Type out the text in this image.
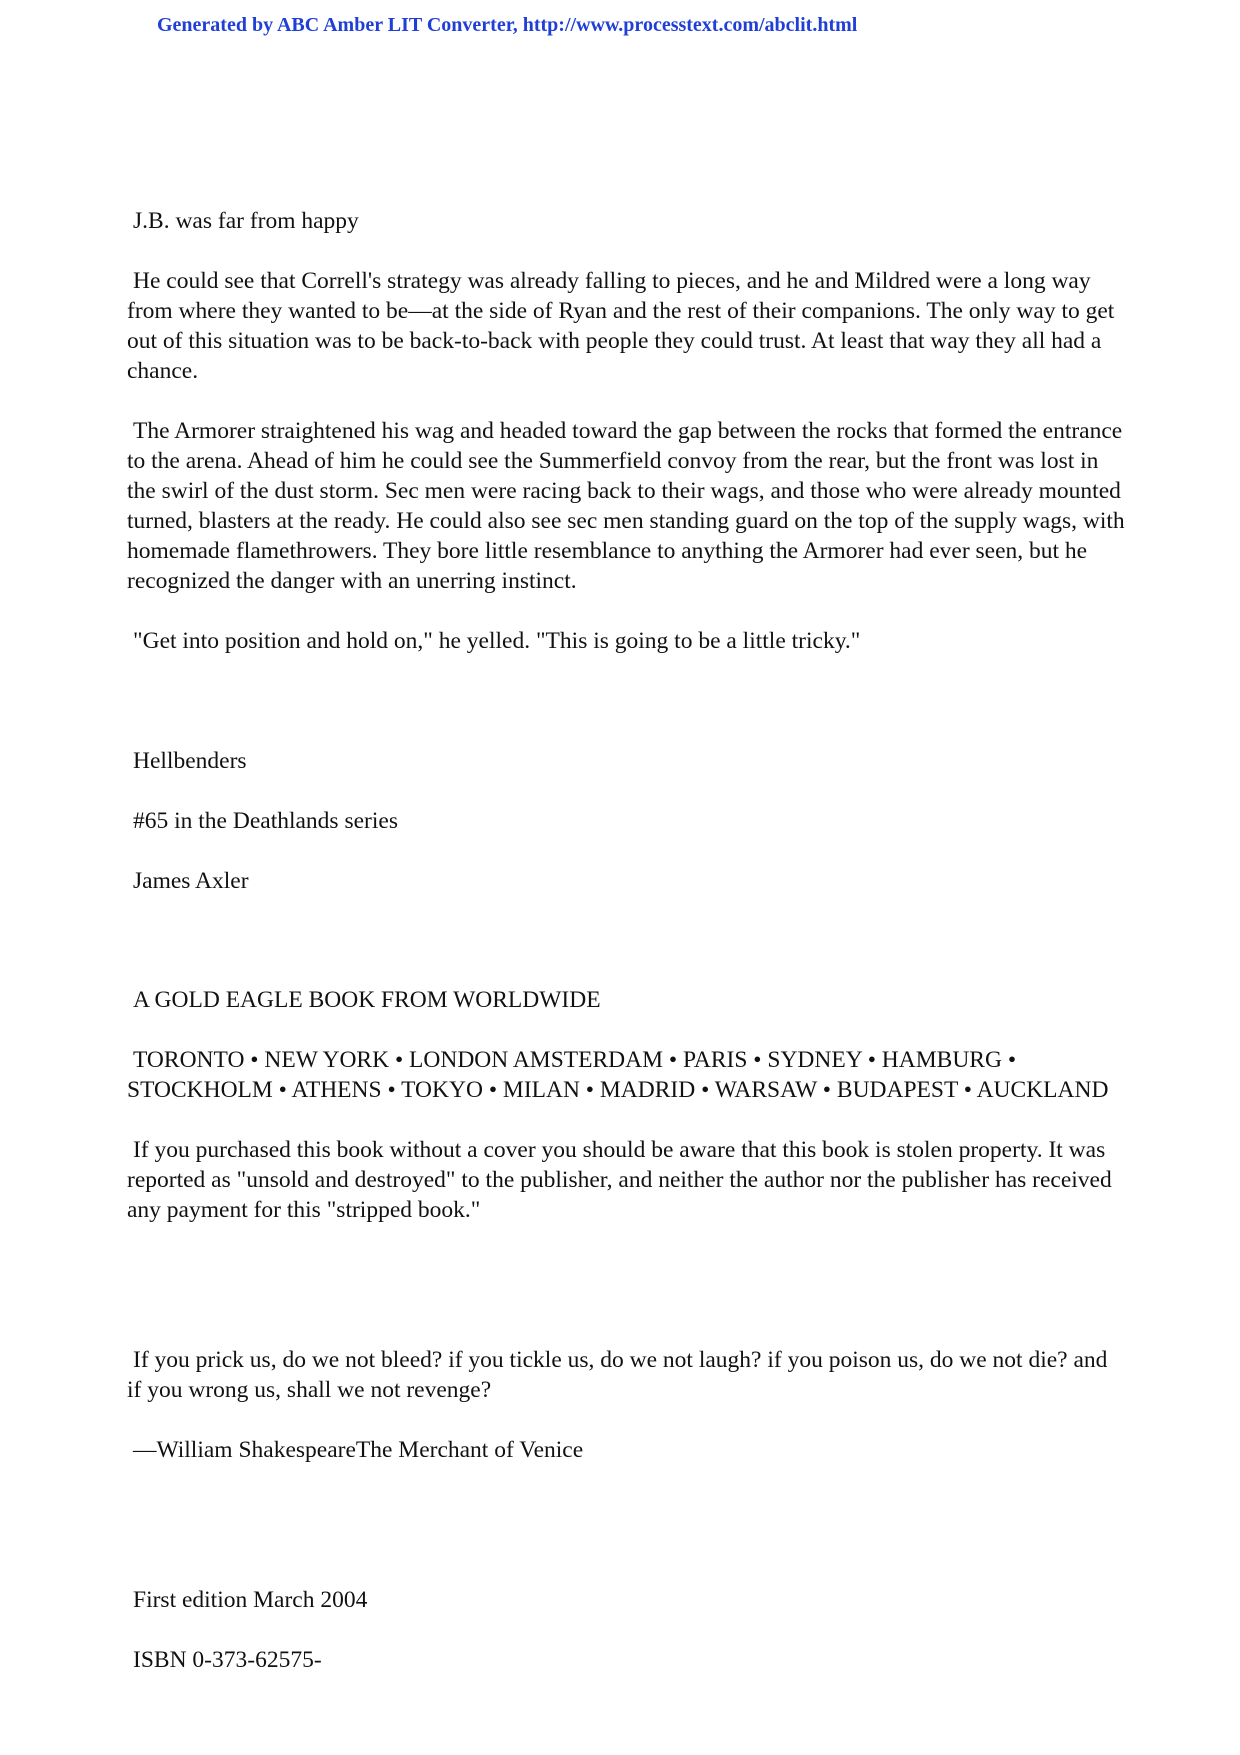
Generated by ABC Amber LIT Converter, http://www.processtext.com/abclit.html

J.B. was far from happy

He could see that Correll's strategy was already falling to pieces, and he and Mildred were a long way from where they wanted to be—at the side of Ryan and the rest of their companions. The only way to get out of this situation was to be back-to-back with people they could trust. At least that way they all had a chance.

The Armorer straightened his wag and headed toward the gap between the rocks that formed the entrance to the arena. Ahead of him he could see the Summerfield convoy from the rear, but the front was lost in the swirl of the dust storm. Sec men were racing back to their wags, and those who were already mounted turned, blasters at the ready. He could also see sec men standing guard on the top of the supply wags, with homemade flamethrowers. They bore little resemblance to anything the Armorer had ever seen, but he recognized the danger with an unerring instinct.

"Get into position and hold on," he yelled. "This is going to be a little tricky."

Hellbenders

#65 in the Deathlands series

James Axler

A GOLD EAGLE BOOK FROM WORLDWIDE

TORONTO • NEW YORK • LONDON AMSTERDAM • PARIS • SYDNEY • HAMBURG • STOCKHOLM • ATHENS • TOKYO • MILAN • MADRID • WARSAW • BUDAPEST • AUCKLAND

If you purchased this book without a cover you should be aware that this book is stolen property. It was reported as "unsold and destroyed" to the publisher, and neither the author nor the publisher has received any payment for this "stripped book."

If you prick us, do we not bleed? if you tickle us, do we not laugh? if you poison us, do we not die? and if you wrong us, shall we not revenge?

—William ShakespeareThe Merchant of Venice

First edition March 2004

ISBN 0-373-62575-
